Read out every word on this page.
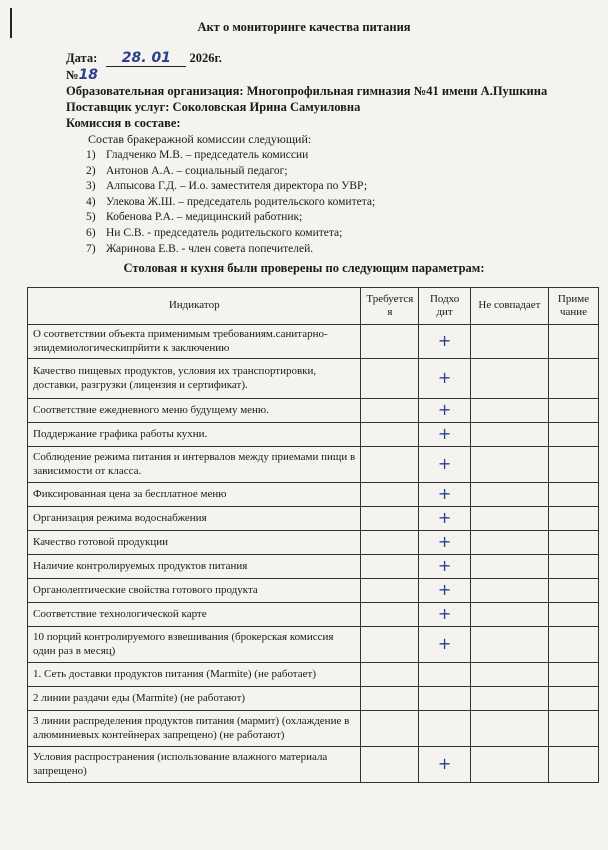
Акт о мониторинге качества питания
Дата: 28. 01 2026г.
№18
Образовательная организация: Многопрофильная гимназия №41 имени А.Пушкина
Поставщик услуг: Соколовская Ирина Самуиловна
Комиссия в составе:
Состав бракеражной комиссии следующий:
1) Гладченко М.В. – председатель комиссии
2) Антонов А.А. – социальный педагог;
3) Алпысова Г.Д. – И.о. заместителя директора по УВР;
4) Улекова Ж.Ш. – председатель родительского комитета;
5) Кобенова Р.А. – медицинский работник;
6) Ни С.В. - председатель родительского комитета;
7) Жаринова Е.В. - член совета попечителей.
Столовая и кухня были проверены по следующим параметрам:
Индикатор	Требуется я	Подхо дит	Не совпадает	Приме чание
О соответствии объекта применимым требованиям.санитарно-эпидемиологическипрйити к заключению		+		
Качество пищевых продуктов, условия их транспортировки, доставки, разгрузки (лицензия и сертификат).		+		
Соответствие ежедневного меню будущему меню.		+		
Поддержание графика работы кухни.		+		
Соблюдение режима питания и интервалов между приемами пищи в зависимости от класса.		+		
Фиксированная цена за бесплатное меню		+		
Организация режима водоснабжения		+		
Качество готовой продукции		+		
Наличие контролируемых продуктов питания		+		
Органолептические свойства готового продукта		+		
Соответствие технологической карте		+		
10 порций контролируемого взвешивания (брокерская комиссия один раз в месяц)		+		
1. Сеть доставки продуктов питания (Marmite) (не работает)				
2 линии раздачи еды (Marmite) (не работают)				
3 линии распределения продуктов питания (мармит) (охлаждение в алюминиевых контейнерах запрещено) (не работают)				
Условия распространения (использование влажного материала запрещено)		+		
